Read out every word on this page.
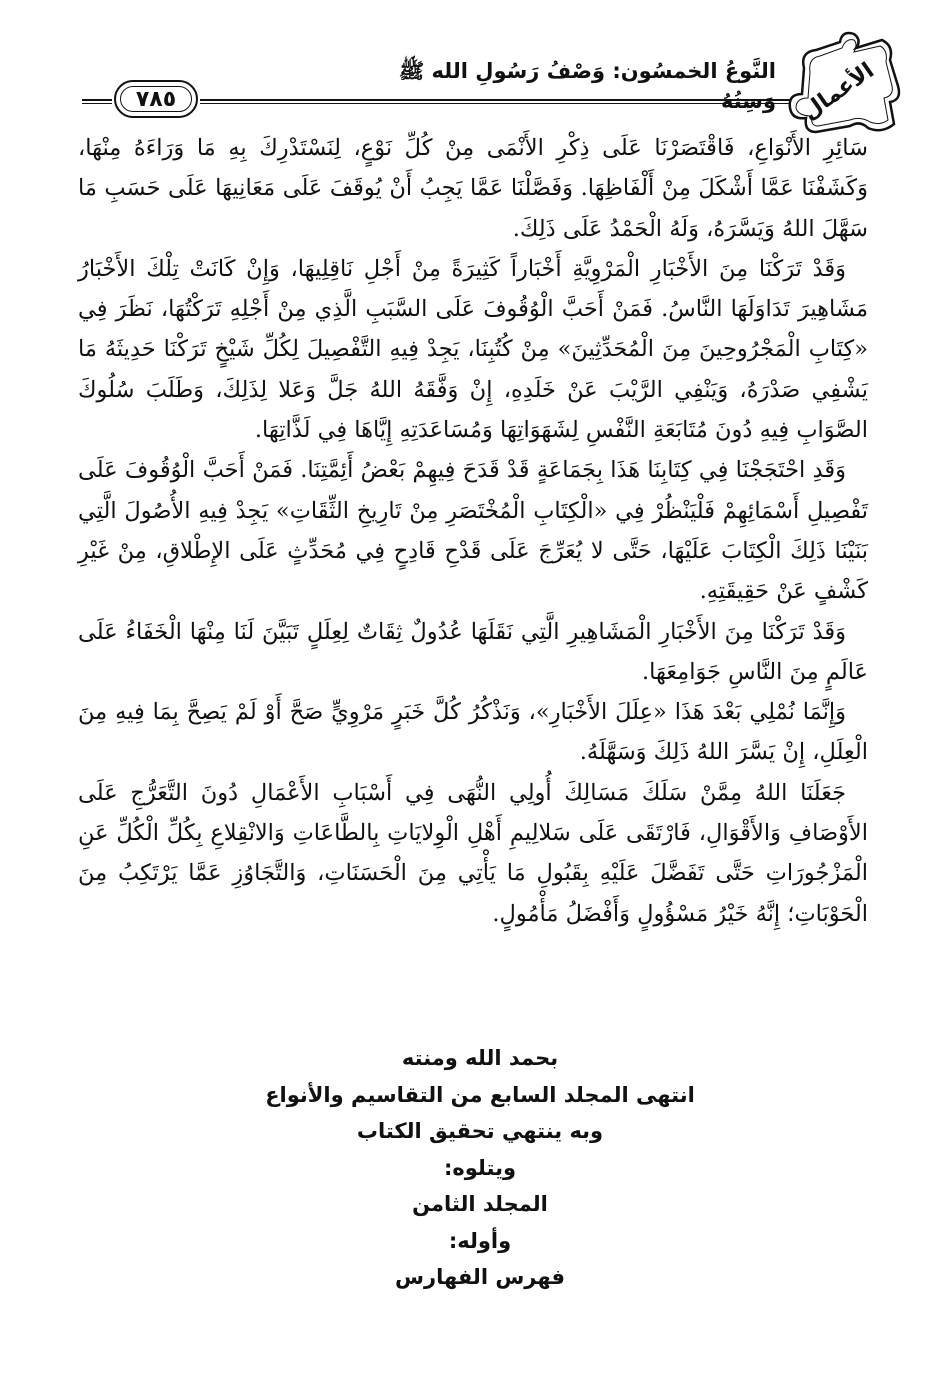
الأعمال
النَّوعُ الخمسُون: وَصْفُ رَسُولِ الله ﷺ وَسِنُهُ
٧٨٥

سَائِرِ الأَنْوَاعِ، فَاقْتَصَرْنَا عَلَى ذِكْرِ الأَنْمَى مِنْ كُلِّ نَوْعٍ، لِنَسْتَدْرِكَ بِهِ مَا وَرَاءَهُ مِنْهَا، وَكَشَفْنَا عَمَّا أَشْكَلَ مِنْ أَلْفَاظِهَا. وَفَصَّلْنَا عَمَّا يَجِبُ أَنْ يُوقَفَ عَلَى مَعَانِيهَا عَلَى حَسَبِ مَا سَهَّلَ اللهُ وَيَسَّرَهُ، وَلَهُ الْحَمْدُ عَلَى ذَلِكَ.

وَقَدْ تَرَكْنَا مِنَ الأَخْبَارِ الْمَرْوِيَّةِ أَخْبَاراً كَثِيرَةً مِنْ أَجْلِ نَاقِلِيهَا، وَإِنْ كَانَتْ تِلْكَ الأَخْبَارُ مَشَاهِيرَ تَدَاوَلَهَا النَّاسُ. فَمَنْ أَحَبَّ الْوُقُوفَ عَلَى السَّبَبِ الَّذِي مِنْ أَجْلِهِ تَرَكْتُهَا، نَظَرَ فِي «كِتَابِ الْمَجْرُوحِينَ مِنَ الْمُحَدِّثِينَ» مِنْ كُتُبِنَا، يَجِدْ فِيهِ التَّفْصِيلَ لِكُلِّ شَيْخٍ تَرَكْنَا حَدِيثَهُ مَا يَشْفِي صَدْرَهُ، وَيَنْفِي الرَّيْبَ عَنْ خَلَدِهِ، إِنْ وَفَّقَهُ اللهُ جَلَّ وَعَلا لِذَلِكَ، وَطَلَبَ سُلُوكَ الصَّوَابِ فِيهِ دُونَ مُتَابَعَةِ النَّفْسِ لِشَهَوَاتِهَا وَمُسَاعَدَتِهِ إِيَّاهَا فِي لَذَّاتِهَا.

وَقَدِ احْتَجَجْنَا فِي كِتَابِنَا هَذَا بِجَمَاعَةٍ قَدْ قَدَحَ فِيهِمْ بَعْضُ أَئِمَّتِنَا. فَمَنْ أَحَبَّ الْوُقُوفَ عَلَى تَفْصِيلِ أَسْمَائِهِمْ فَلْيَنْظُرْ فِي «الْكِتَابِ الْمُخْتَصَرِ مِنْ تَارِيخِ الثِّقَاتِ» يَجِدْ فِيهِ الأُصُولَ الَّتِي بَنَيْنَا ذَلِكَ الْكِتَابَ عَلَيْهَا، حَتَّى لا يُعَرِّجَ عَلَى قَدْحِ قَادِحٍ فِي مُحَدِّثٍ عَلَى الإِطْلاقِ، مِنْ غَيْرِ كَشْفٍ عَنْ حَقِيقَتِهِ.

وَقَدْ تَرَكْنَا مِنَ الأَخْبَارِ الْمَشَاهِيرِ الَّتِي نَقَلَهَا عُدُولٌ ثِقَاتٌ لِعِلَلٍ تَبَيَّنَ لَنَا مِنْهَا الْخَفَاءُ عَلَى عَالَمٍ مِنَ النَّاسِ جَوَامِعَهَا.

وَإِنَّمَا نُمْلِي بَعْدَ هَذَا «عِلَلَ الأَخْبَارِ»، وَنَذْكُرُ كُلَّ خَبَرٍ مَرْوِيٍّ صَحَّ أَوْ لَمْ يَصِحَّ بِمَا فِيهِ مِنَ الْعِلَلِ، إِنْ يَسَّرَ اللهُ ذَلِكَ وَسَهَّلَهُ.

جَعَلَنَا اللهُ مِمَّنْ سَلَكَ مَسَالِكَ أُولِي النُّهَى فِي أَسْبَابِ الأَعْمَالِ دُونَ التَّعَرُّجِ عَلَى الأَوْصَافِ وَالأَقْوَالِ، فَارْتَقَى عَلَى سَلالِيمِ أَهْلِ الْوِلايَاتِ بِالطَّاعَاتِ وَالانْقِلاعِ بِكُلِّ الْكُلِّ عَنِ الْمَزْجُورَاتِ حَتَّى تَفَضَّلَ عَلَيْهِ بِقَبُولِ مَا يَأْتِي مِنَ الْحَسَنَاتِ، وَالتَّجَاوُزِ عَمَّا يَرْتَكِبُ مِنَ الْحَوْبَاتِ؛ إِنَّهُ خَيْرُ مَسْؤُولٍ وَأَفْضَلُ مَأْمُولٍ.

بحمد الله ومنته
انتهى المجلد السابع من التقاسيم والأنواع
وبه ينتهي تحقيق الكتاب
ويتلوه:
المجلد الثامن
وأوله:
فهرس الفهارس
